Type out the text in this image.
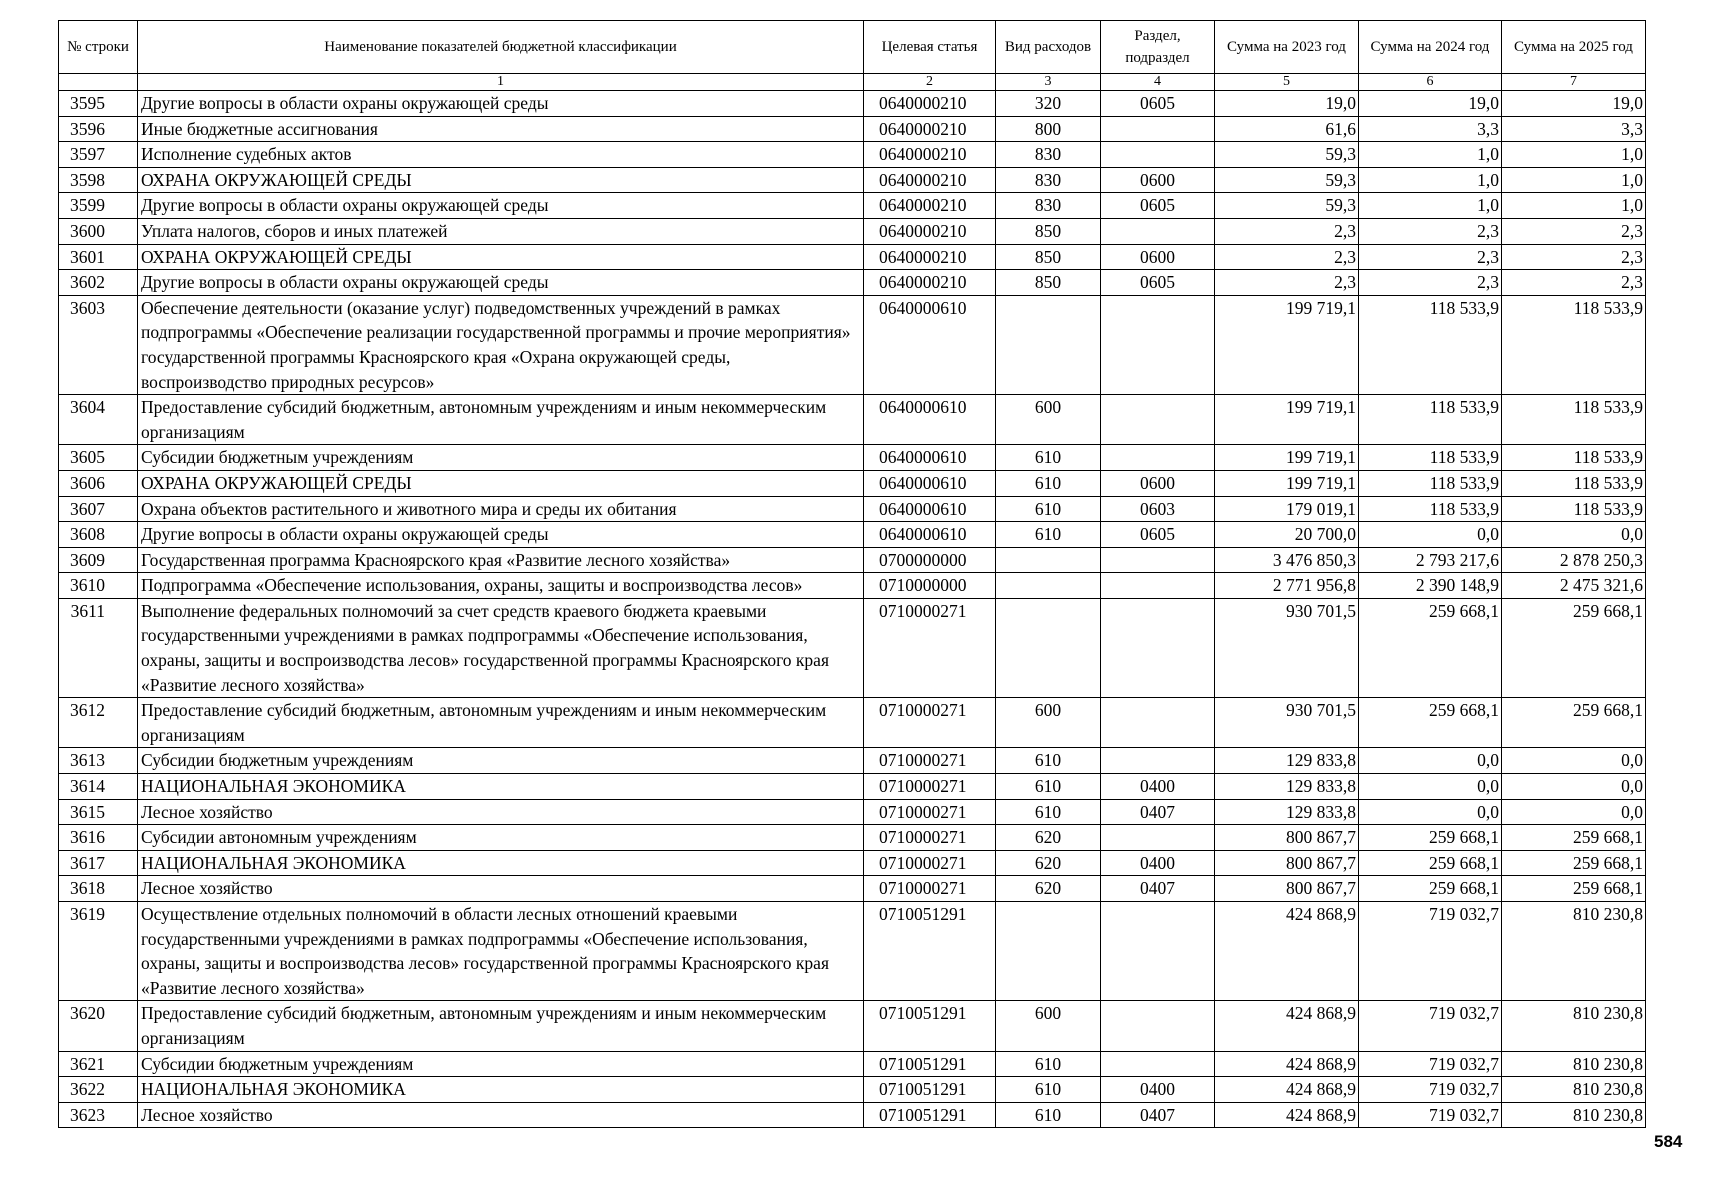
№ строки	Наименование показателей бюджетной классификации	Целевая статья	Вид расходов	Раздел, подраздел	Сумма на 2023 год	Сумма на 2024 год	Сумма на 2025 год
	1	2	3	4	5	6	7
3595	Другие вопросы в области охраны окружающей среды	0640000210	320	0605	19,0	19,0	19,0
3596	Иные бюджетные ассигнования	0640000210	800		61,6	3,3	3,3
3597	Исполнение судебных актов	0640000210	830		59,3	1,0	1,0
3598	ОХРАНА ОКРУЖАЮЩЕЙ СРЕДЫ	0640000210	830	0600	59,3	1,0	1,0
3599	Другие вопросы в области охраны окружающей среды	0640000210	830	0605	59,3	1,0	1,0
3600	Уплата налогов, сборов и иных платежей	0640000210	850		2,3	2,3	2,3
3601	ОХРАНА ОКРУЖАЮЩЕЙ СРЕДЫ	0640000210	850	0600	2,3	2,3	2,3
3602	Другие вопросы в области охраны окружающей среды	0640000210	850	0605	2,3	2,3	2,3
3603	Обеспечение деятельности (оказание услуг) подведомственных учреждений в рамках подпрограммы «Обеспечение реализации государственной программы и прочие мероприятия» государственной программы Красноярского края «Охрана окружающей среды, воспроизводство природных ресурсов»	0640000610			199 719,1	118 533,9	118 533,9
3604	Предоставление субсидий бюджетным, автономным учреждениям и иным некоммерческим организациям	0640000610	600		199 719,1	118 533,9	118 533,9
3605	Субсидии бюджетным учреждениям	0640000610	610		199 719,1	118 533,9	118 533,9
3606	ОХРАНА ОКРУЖАЮЩЕЙ СРЕДЫ	0640000610	610	0600	199 719,1	118 533,9	118 533,9
3607	Охрана объектов растительного и животного мира и среды их обитания	0640000610	610	0603	179 019,1	118 533,9	118 533,9
3608	Другие вопросы в области охраны окружающей среды	0640000610	610	0605	20 700,0	0,0	0,0
3609	Государственная программа Красноярского края «Развитие лесного хозяйства»	0700000000			3 476 850,3	2 793 217,6	2 878 250,3
3610	Подпрограмма «Обеспечение использования, охраны, защиты и воспроизводства лесов»	0710000000			2 771 956,8	2 390 148,9	2 475 321,6
3611	Выполнение федеральных полномочий за счет средств краевого бюджета краевыми государственными учреждениями в рамках подпрограммы «Обеспечение использования, охраны, защиты и воспроизводства лесов» государственной программы Красноярского края «Развитие лесного хозяйства»	0710000271			930 701,5	259 668,1	259 668,1
3612	Предоставление субсидий бюджетным, автономным учреждениям и иным некоммерческим организациям	0710000271	600		930 701,5	259 668,1	259 668,1
3613	Субсидии бюджетным учреждениям	0710000271	610		129 833,8	0,0	0,0
3614	НАЦИОНАЛЬНАЯ ЭКОНОМИКА	0710000271	610	0400	129 833,8	0,0	0,0
3615	Лесное хозяйство	0710000271	610	0407	129 833,8	0,0	0,0
3616	Субсидии автономным учреждениям	0710000271	620		800 867,7	259 668,1	259 668,1
3617	НАЦИОНАЛЬНАЯ ЭКОНОМИКА	0710000271	620	0400	800 867,7	259 668,1	259 668,1
3618	Лесное хозяйство	0710000271	620	0407	800 867,7	259 668,1	259 668,1
3619	Осуществление отдельных полномочий в области лесных отношений краевыми государственными учреждениями в рамках подпрограммы «Обеспечение использования, охраны, защиты и воспроизводства лесов» государственной программы Красноярского края «Развитие лесного хозяйства»	0710051291			424 868,9	719 032,7	810 230,8
3620	Предоставление субсидий бюджетным, автономным учреждениям и иным некоммерческим организациям	0710051291	600		424 868,9	719 032,7	810 230,8
3621	Субсидии бюджетным учреждениям	0710051291	610		424 868,9	719 032,7	810 230,8
3622	НАЦИОНАЛЬНАЯ ЭКОНОМИКА	0710051291	610	0400	424 868,9	719 032,7	810 230,8
3623	Лесное хозяйство	0710051291	610	0407	424 868,9	719 032,7	810 230,8
584
